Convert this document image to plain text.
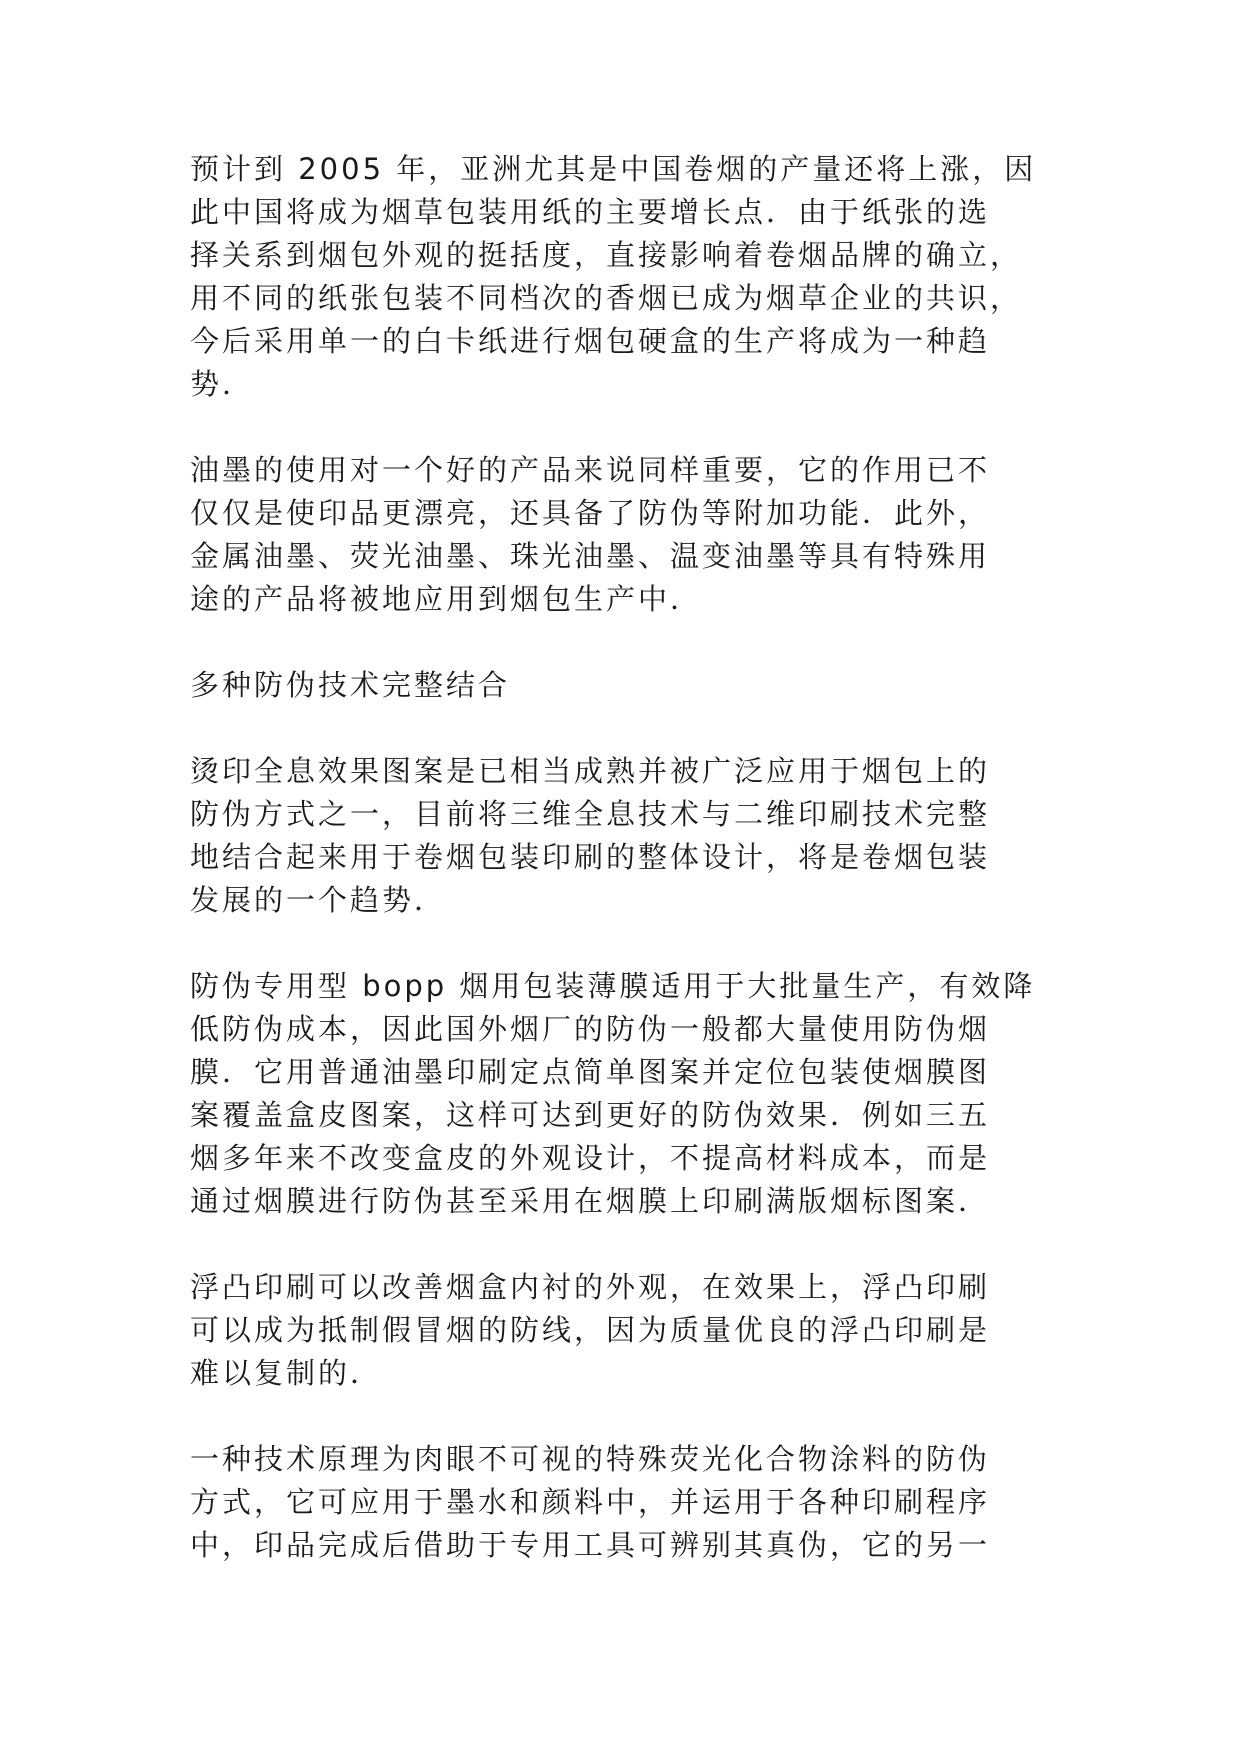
预计到 2005 年，亚洲尤其是中国卷烟的产量还将上涨，因
此中国将成为烟草包装用纸的主要增长点．由于纸张的选
择关系到烟包外观的挺括度，直接影响着卷烟品牌的确立，
用不同的纸张包装不同档次的香烟已成为烟草企业的共识，
今后采用单一的白卡纸进行烟包硬盒的生产将成为一种趋
势．
油墨的使用对一个好的产品来说同样重要，它的作用已不
仅仅是使印品更漂亮，还具备了防伪等附加功能．此外，
金属油墨、荧光油墨、珠光油墨、温变油墨等具有特殊用
途的产品将被地应用到烟包生产中．
多种防伪技术完整结合
烫印全息效果图案是已相当成熟并被广泛应用于烟包上的
防伪方式之一，目前将三维全息技术与二维印刷技术完整
地结合起来用于卷烟包装印刷的整体设计，将是卷烟包装
发展的一个趋势．
防伪专用型 bopp 烟用包装薄膜适用于大批量生产，有效降
低防伪成本，因此国外烟厂的防伪一般都大量使用防伪烟
膜．它用普通油墨印刷定点简单图案并定位包装使烟膜图
案覆盖盒皮图案，这样可达到更好的防伪效果．例如三五
烟多年来不改变盒皮的外观设计，不提高材料成本，而是
通过烟膜进行防伪甚至采用在烟膜上印刷满版烟标图案．
浮凸印刷可以改善烟盒内衬的外观，在效果上，浮凸印刷
可以成为抵制假冒烟的防线，因为质量优良的浮凸印刷是
难以复制的．
一种技术原理为肉眼不可视的特殊荧光化合物涂料的防伪
方式，它可应用于墨水和颜料中，并运用于各种印刷程序
中，印品完成后借助于专用工具可辨别其真伪，它的另一
